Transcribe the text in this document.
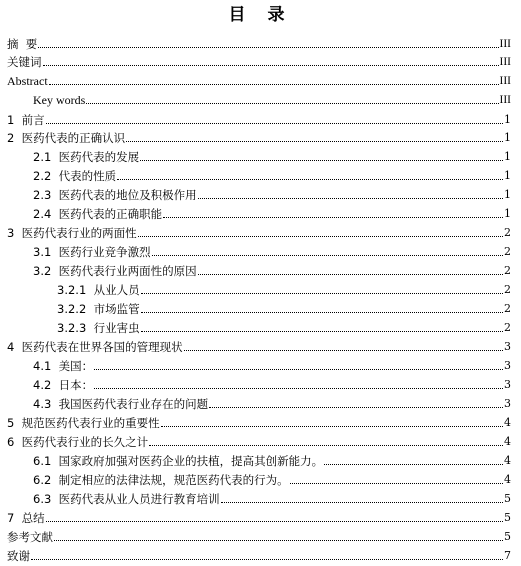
目 录
摘  要	III
关键词	III
Abstract	III
Key words	III
1 前言	1
2 医药代表的正确认识	1
2.1 医药代表的发展	1
2.2 代表的性质	1
2.3 医药代表的地位及积极作用	1
2.4 医药代表的正确职能	1
3 医药代表行业的两面性	2
3.1 医药行业竞争激烈	2
3.2 医药代表行业两面性的原因	2
3.2.1 从业人员	2
3.2.2 市场监管	2
3.2.3 行业害虫	2
4 医药代表在世界各国的管理现状	3
4.1 美国：	3
4.2 日本：	3
4.3 我国医药代表行业存在的问题	3
5 规范医药代表行业的重要性	4
6 医药代表行业的长久之计	4
6.1 国家政府加强对医药企业的扶植，提高其创新能力。	4
6.2 制定相应的法律法规，规范医药代表的行为。	4
6.3 医药代表从业人员进行教育培训	5
7 总结	5
参考文献	5
致谢	7
